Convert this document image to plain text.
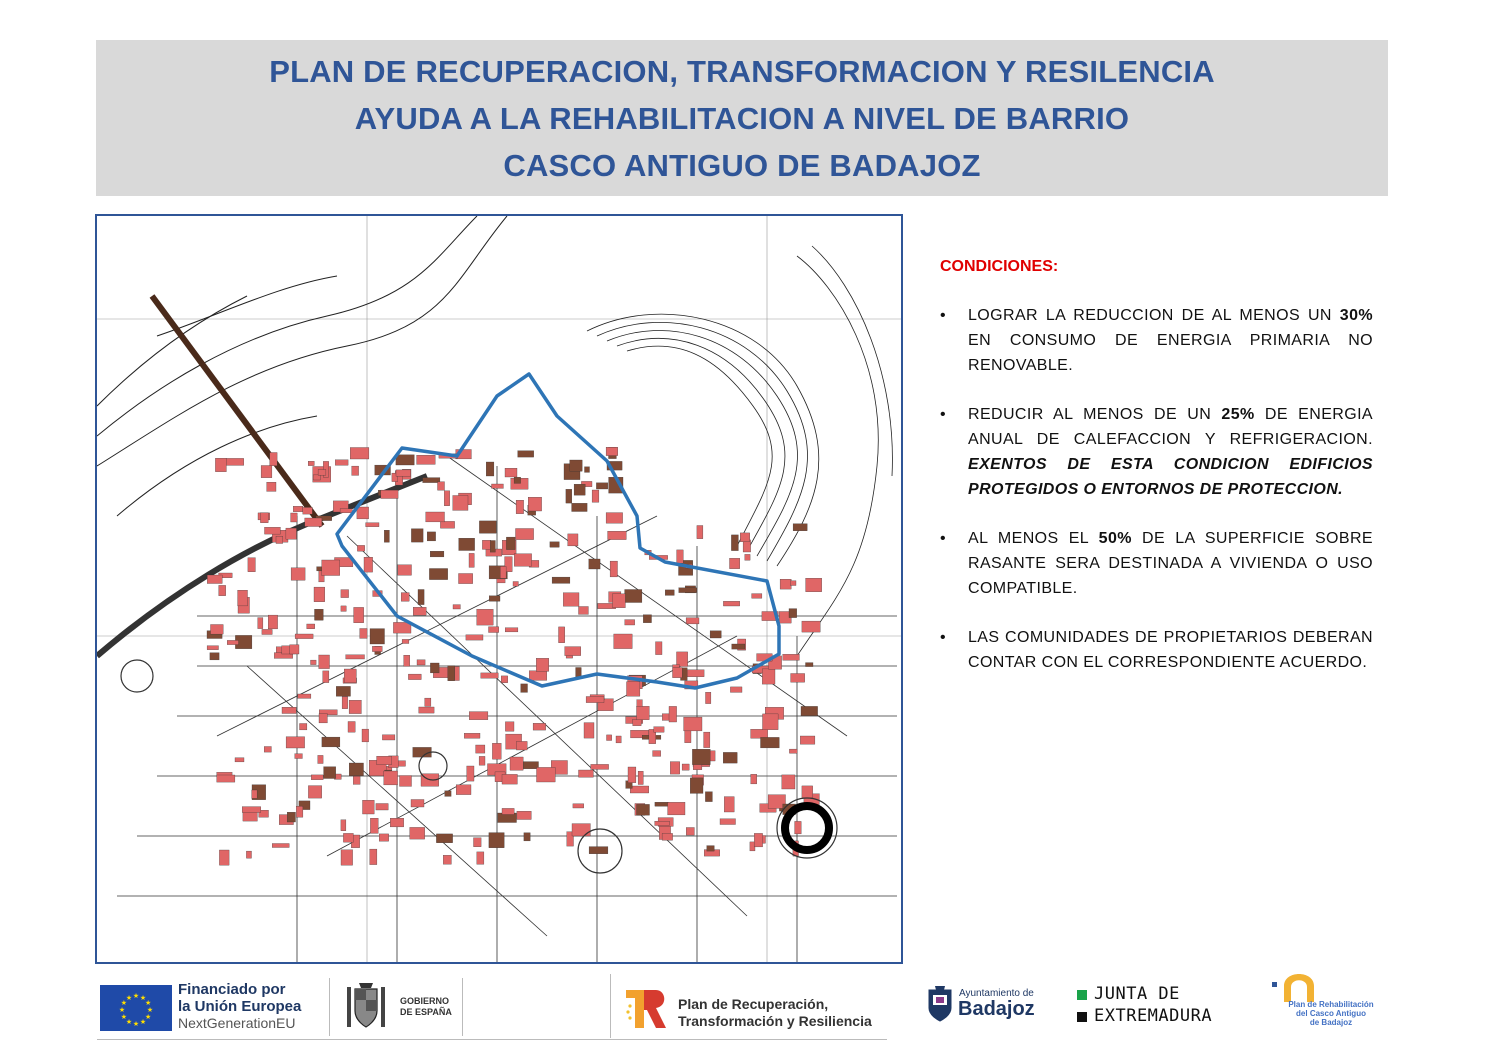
PLAN DE RECUPERACION, TRANSFORMACION Y RESILENCIA
AYUDA A LA REHABILITACION A NIVEL DE BARRIO
CASCO ANTIGUO DE BADAJOZ
CONDICIONES:
• LOGRAR LA REDUCCION DE AL MENOS UN 30% EN CONSUMO DE ENERGIA PRIMARIA NO RENOVABLE.
• REDUCIR AL MENOS DE UN 25% DE ENERGIA ANUAL DE CALEFACCION Y REFRIGERACION. EXENTOS DE ESTA CONDICION EDIFICIOS PROTEGIDOS O ENTORNOS DE PROTECCION.
• AL MENOS EL 50% DE LA SUPERFICIE SOBRE RASANTE SERA DESTINADA A VIVIENDA O USO COMPATIBLE.
• LAS COMUNIDADES DE PROPIETARIOS DEBERAN CONTAR CON EL CORRESPONDIENTE ACUERDO.
★
★
★
★
★
★
★
★
★ ★ ★
★
Financiado por
la Unión Europea
NextGenerationEU
GOBIERNO
DE ESPAÑA	Plan de Recuperación,
Transformación y Resiliencia
Ayuntamiento de
Badajoz
JUNTA DE
EXTREMADURA
Plan de Rehabilitación
del Casco Antiguo
de Badajoz
